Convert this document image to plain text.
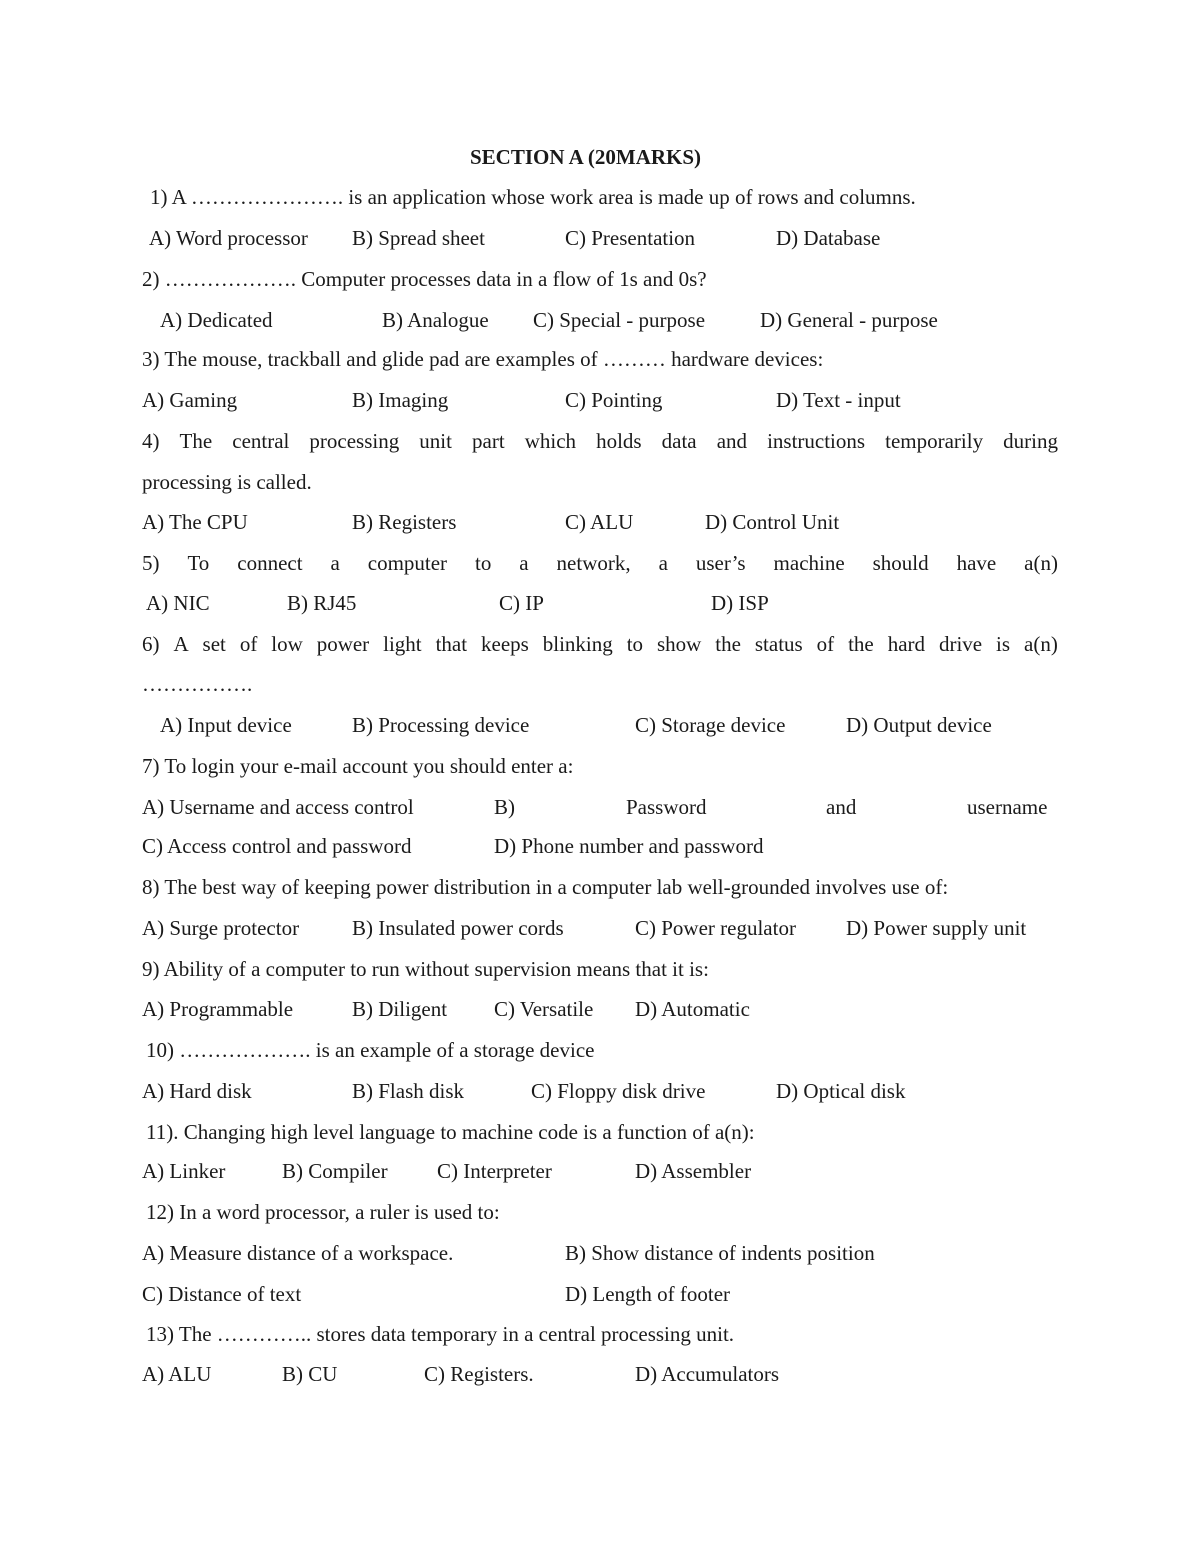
SECTION A (20MARKS)
1) A …………………. is an application whose work area is made up of rows and columns.
A) Word processor B) Spread sheet	C) Presentation	D) Database
2) ………………. Computer processes data in a flow of 1s and 0s?
A) Dedicated	B) Analogue C) Special - purpose	D) General - purpose
3) The mouse, trackball and glide pad are examples of ……… hardware devices:
A) Gaming	B) Imaging	C) Pointing	D) Text - input
4) The central processing unit part which holds data and instructions temporarily during
processing is called.
A) The CPU	B) Registers	C) ALU	D) Control Unit
5) To connect a computer to a network, a user’s machine should have a(n)
A) NIC	B) RJ45	C) IP	D) ISP
6) A set of low power light that keeps blinking to show the status of the hard drive is a(n)
…………….
A) Input device	B) Processing device	C) Storage device	D) Output device
7) To login your e-mail account you should enter a:
A) Username and access control	B)	Password	and	username
C) Access control and password	D) Phone number and password
8) The best way of keeping power distribution in a computer lab well-grounded involves use of:
A) Surge protector	B) Insulated power cords	C) Power regulator D) Power supply unit
9) Ability of a computer to run without supervision means that it is:
A) Programmable	B) Diligent C) Versatile D) Automatic
10) ………………. is an example of a storage device
A) Hard disk	B) Flash disk	C) Floppy disk drive	D) Optical disk
11). Changing high level language to machine code is a function of a(n):
A) Linker	B) Compiler C) Interpreter	D) Assembler
12) In a word processor, a ruler is used to:
A) Measure distance of a workspace.	B) Show distance of indents position
C) Distance of text	D) Length of footer
13) The ………….. stores data temporary in a central processing unit.
A) ALU	B) CU	C) Registers.	D) Accumulators
